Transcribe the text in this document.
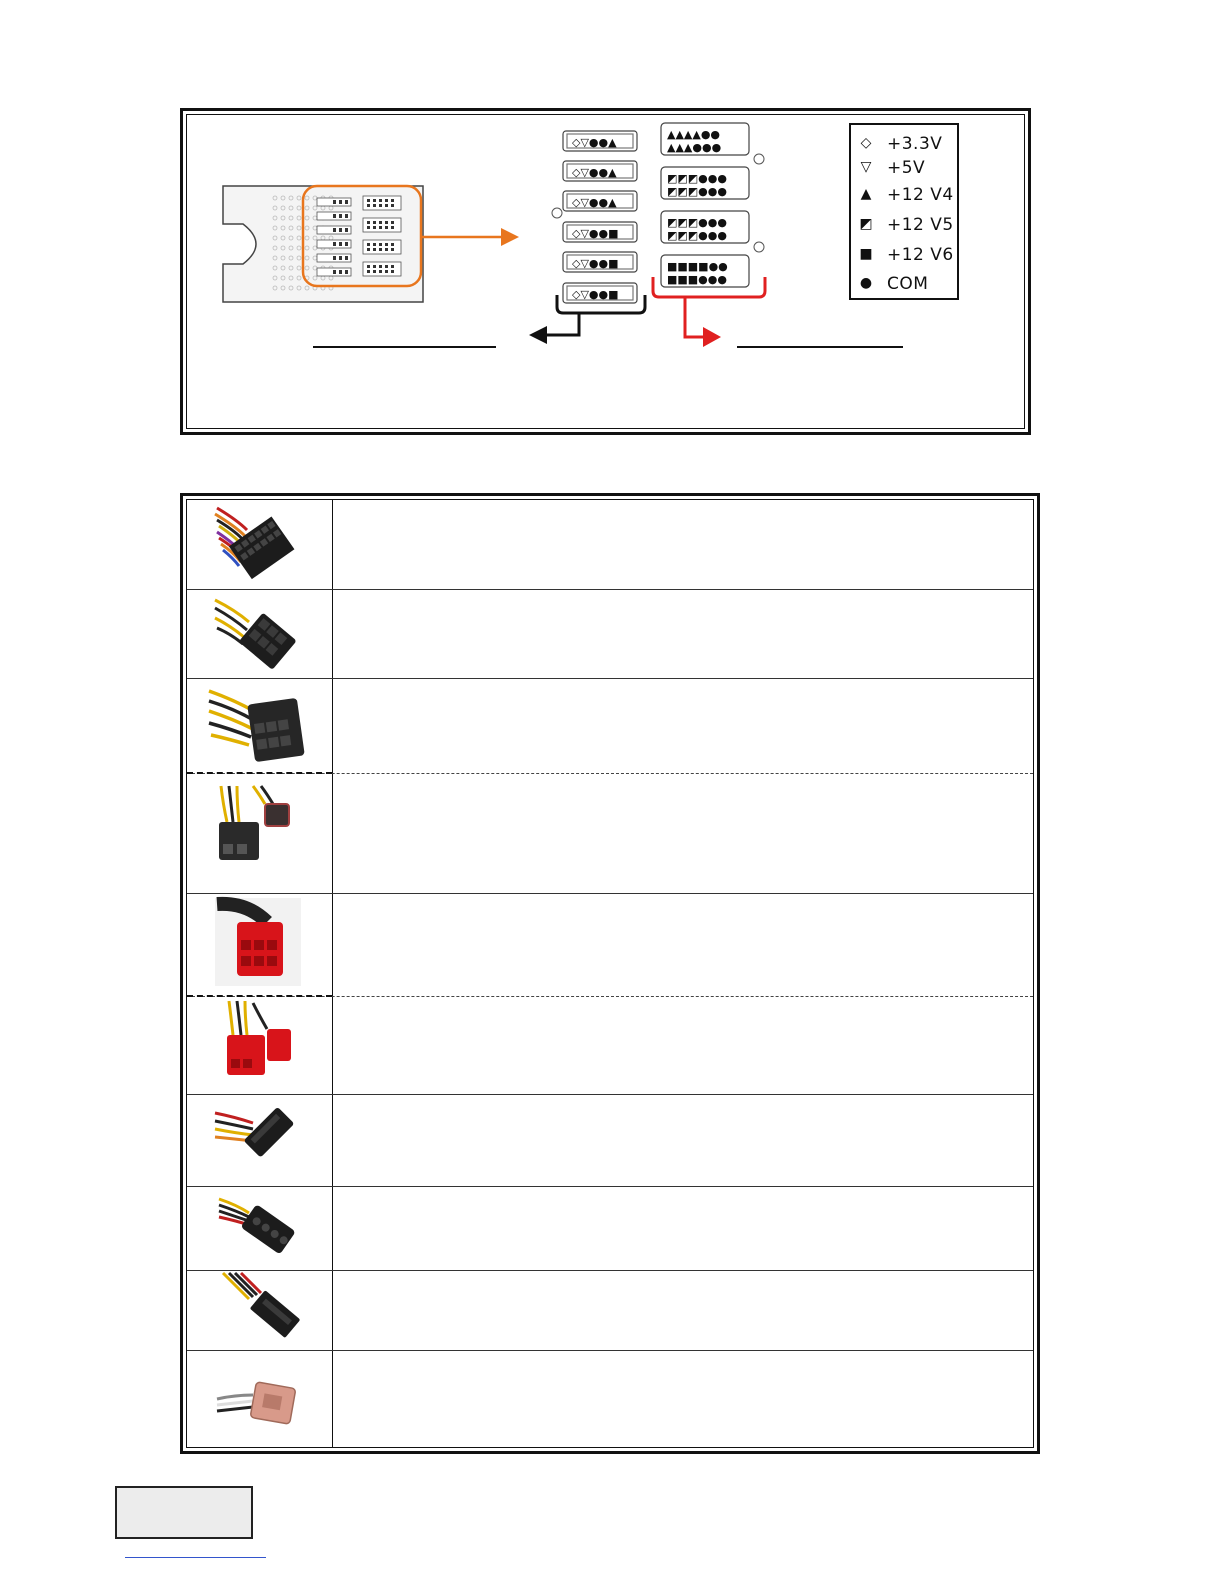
◇▽●●▲
◇▽●●▲
◇▽●●▲
◇▽●●■
◇▽●●■
◇▽●●■
▲▲▲▲●●
▲▲▲●●●
◩◩◩●●●
◩◩◩●●●
◩◩◩●●●
◩◩◩●●●
■■■■●●
■■■●●●
◇ +3.3V
▽ +5V
▲ +12 V4
◩ +12 V5
■ +12 V6
● COM
